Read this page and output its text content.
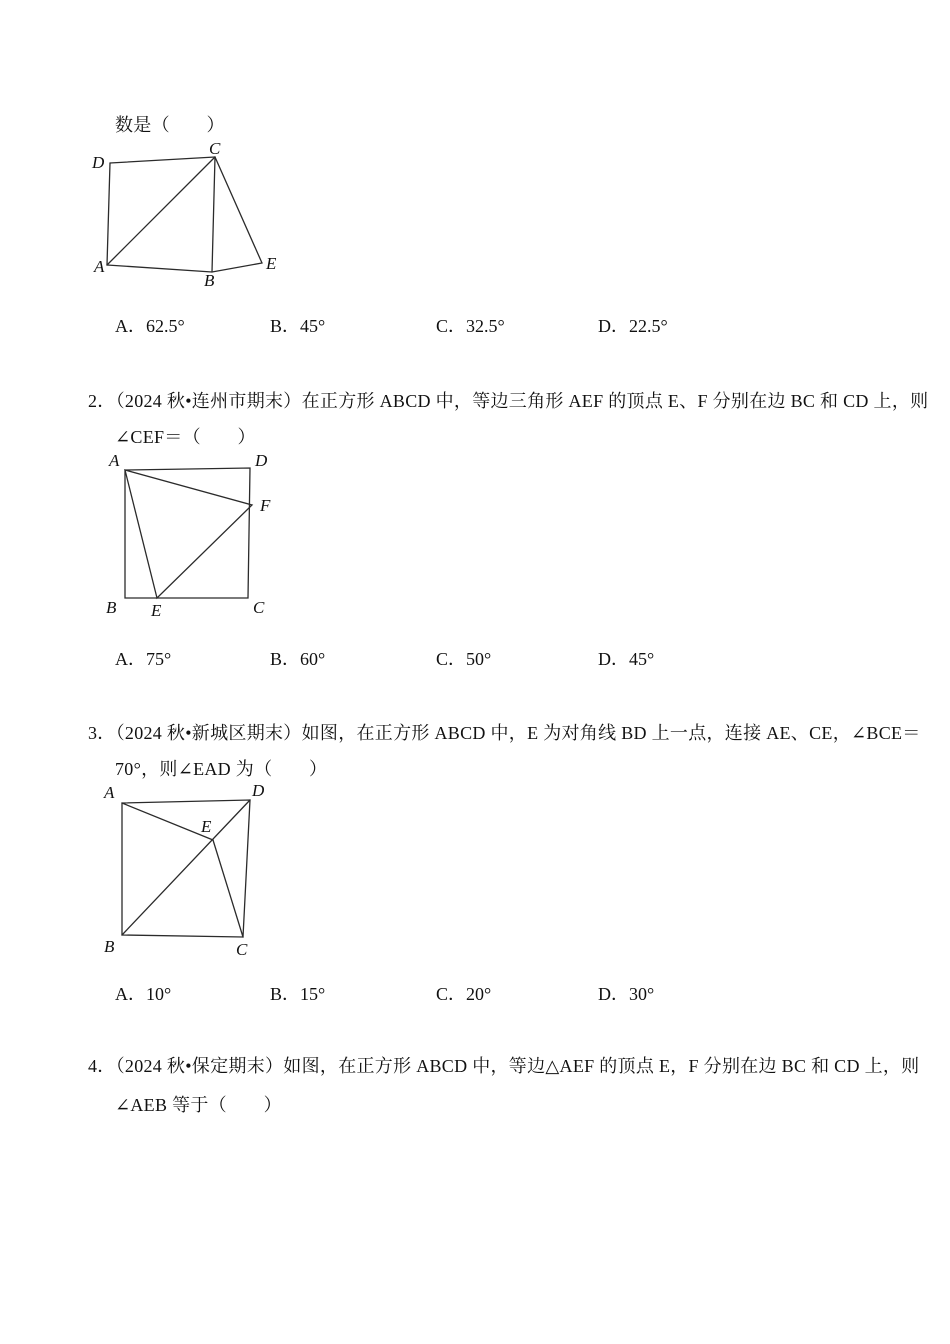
数是（　　）
D
C
A
B
E
A．62.5°	B．45°	C．32.5°	D．22.5°
2．（2024 秋•连州市期末）在正方形 ABCD 中，等边三角形 AEF 的顶点 E、F 分别在边 BC 和 CD 上，则
∠CEF＝（　　）
A	D
F
B E	C
A．75°	B．60°	C．50°	D．45°
3．（2024 秋•新城区期末）如图，在正方形 ABCD 中，E 为对角线 BD 上一点，连接 AE、CE，∠BCE＝
70°，则∠EAD 为（　　）
A	D
E
B	C
A．10°	B．15°	C．20°	D．30°
4．（2024 秋•保定期末）如图，在正方形 ABCD 中，等边△AEF 的顶点 E，F 分别在边 BC 和 CD 上，则
∠AEB 等于（　　）
